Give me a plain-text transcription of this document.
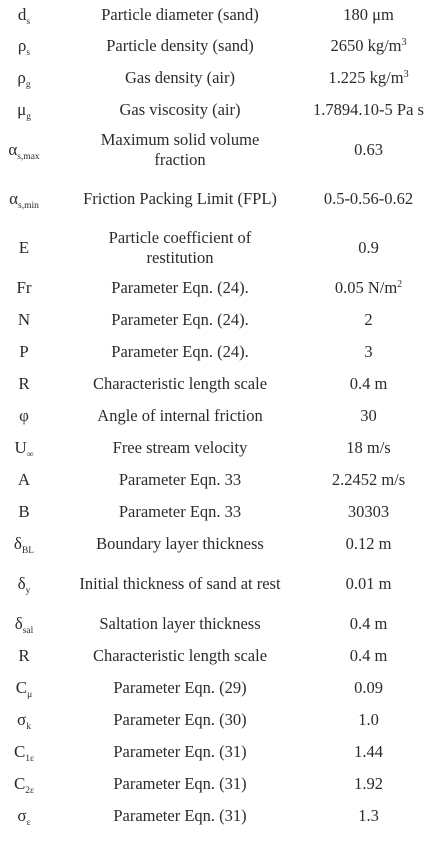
$d_s$	Particle diameter (sand)	180 μm
$\rho_s$	Particle density (sand)	2650 $kg/m^3$
$\rho_g$	Gas density (air)	1.225 $kg/m^3$
$\mu_g$	Gas viscosity (air)	1.7894.10-5 Pa s
$\alpha_{s,max}$	Maximum solid volume fraction	0.63
$\alpha_{s,min}$	Friction Packing Limit (FPL)	0.5-0.56-0.62
E	Particle coefficient of restitution	0.9
Fr	Parameter Eqn. (24).	0.05 $N/m^2$
N	Parameter Eqn. (24).	2
P	Parameter Eqn. (24).	3
R	Characteristic length scale	0.4 m
φ	Angle of internal friction	30
$U_\infty$	Free stream velocity	18 m/s
A	Parameter Eqn. 33	2.2452 m/s
B	Parameter Eqn. 33	30303
$\delta_{BL}$	Boundary layer thickness	0.12 m
$\delta_y$	Initial thickness of sand at rest	0.01 m
$\delta_{sal}$	Saltation layer thickness	0.4 m
R	Characteristic length scale	0.4 m
$C_\mu$	Parameter Eqn. (29)	0.09
$\sigma_k$	Parameter Eqn. (30)	1.0
$C_{1\varepsilon}$	Parameter Eqn. (31)	1.44
$C_{2\varepsilon}$	Parameter Eqn. (31)	1.92
$\sigma_\varepsilon$	Parameter Eqn. (31)	1.3
